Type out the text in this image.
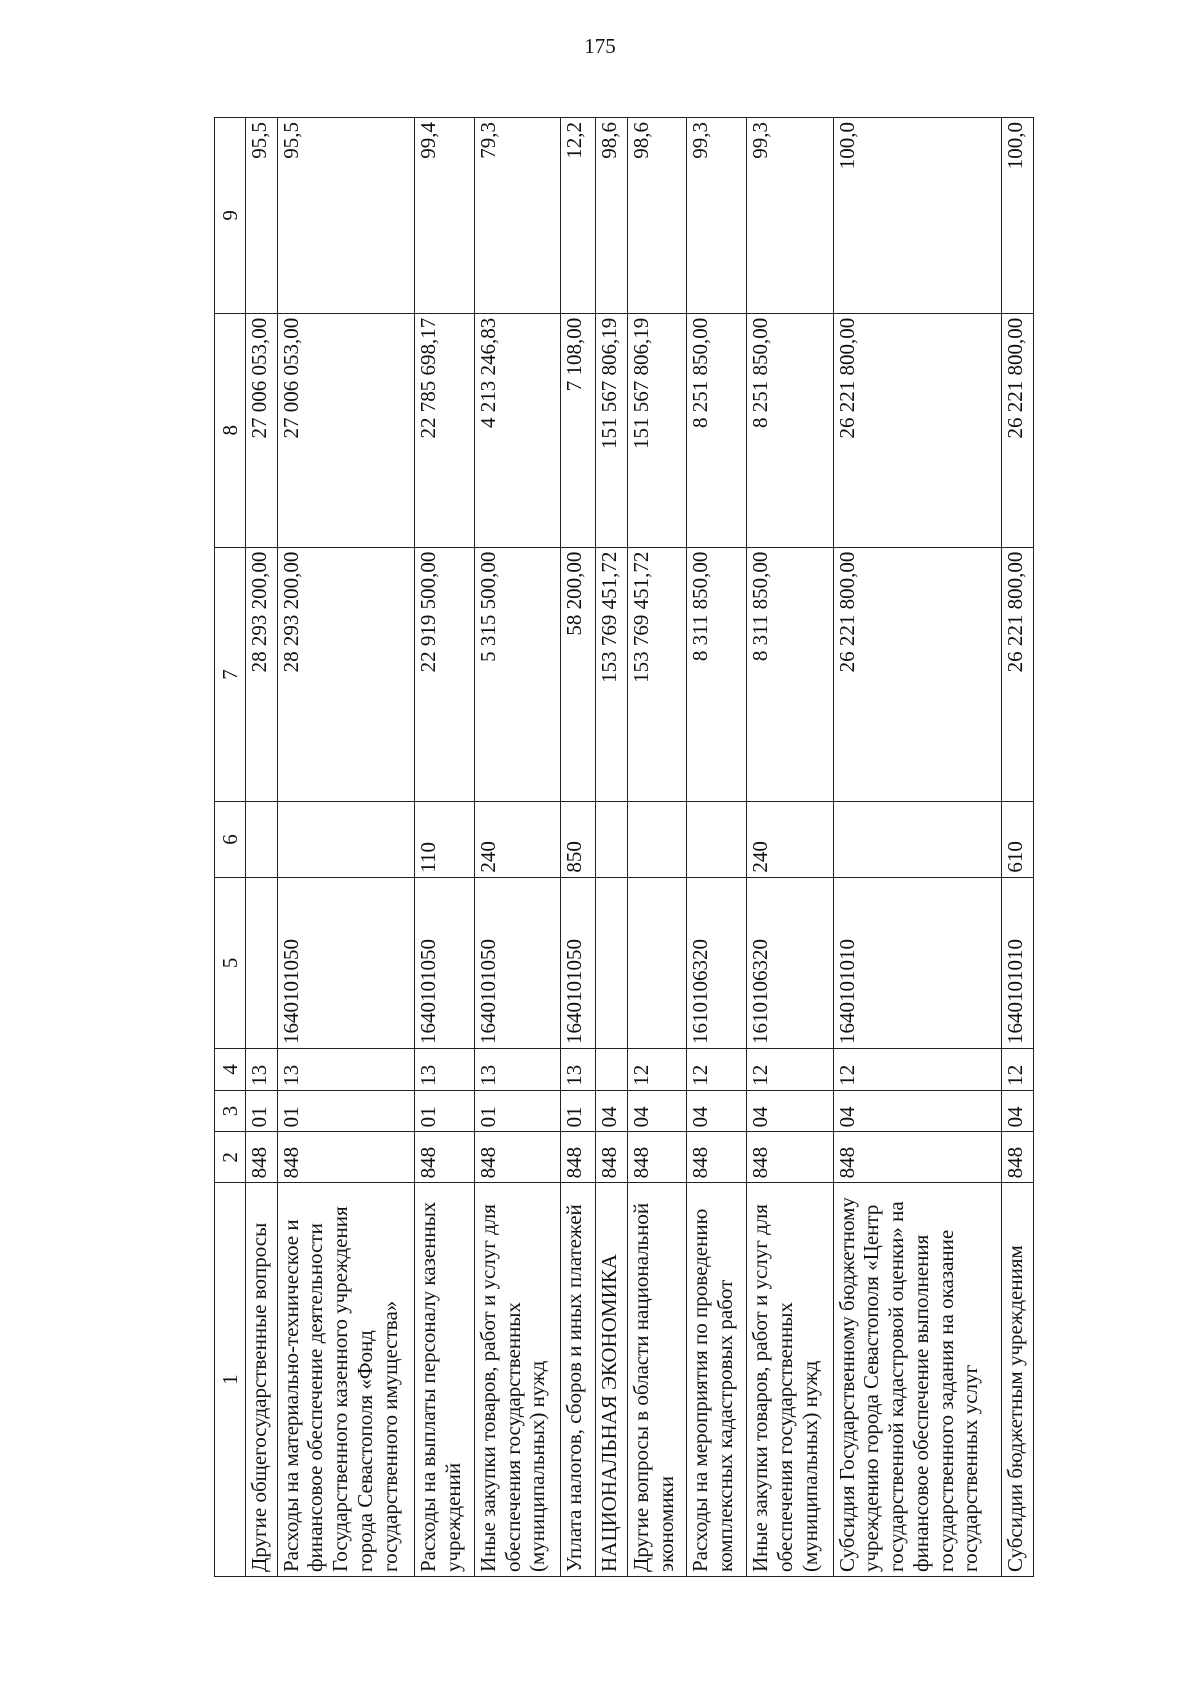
175
1	2	3	4	5	6	7	8	9
Другие общегосударственные вопросы	848	01	13			28 293 200,00	27 006 053,00	95,5
Расходы на материально-техническое и финансовое обеспечение деятельности Государственного казенного учреждения города Севастополя «Фонд государственного имущества»	848	01	13	1640101050		28 293 200,00	27 006 053,00	95,5
Расходы на выплаты персоналу казенных учреждений	848	01	13	1640101050	110	22 919 500,00	22 785 698,17	99,4
Иные закупки товаров, работ и услуг для обеспечения государственных (муниципальных) нужд	848	01	13	1640101050	240	5 315 500,00	4 213 246,83	79,3
Уплата налогов, сборов и иных платежей	848	01	13	1640101050	850	58 200,00	7 108,00	12,2
НАЦИОНАЛЬНАЯ ЭКОНОМИКА	848	04				153 769 451,72	151 567 806,19	98,6
Другие вопросы в области национальной экономики	848	04	12			153 769 451,72	151 567 806,19	98,6
Расходы на мероприятия по проведению комплексных кадастровых работ	848	04	12	1610106320		8 311 850,00	8 251 850,00	99,3
Иные закупки товаров, работ и услуг для обеспечения государственных (муниципальных) нужд	848	04	12	1610106320	240	8 311 850,00	8 251 850,00	99,3
Субсидия Государственному бюджетному учреждению города Севастополя «Центр государственной кадастровой оценки» на финансовое обеспечение выполнения государственного задания на оказание государственных услуг	848	04	12	1640101010		26 221 800,00	26 221 800,00	100,0
Субсидии бюджетным учреждениям	848	04	12	1640101010	610	26 221 800,00	26 221 800,00	100,0
